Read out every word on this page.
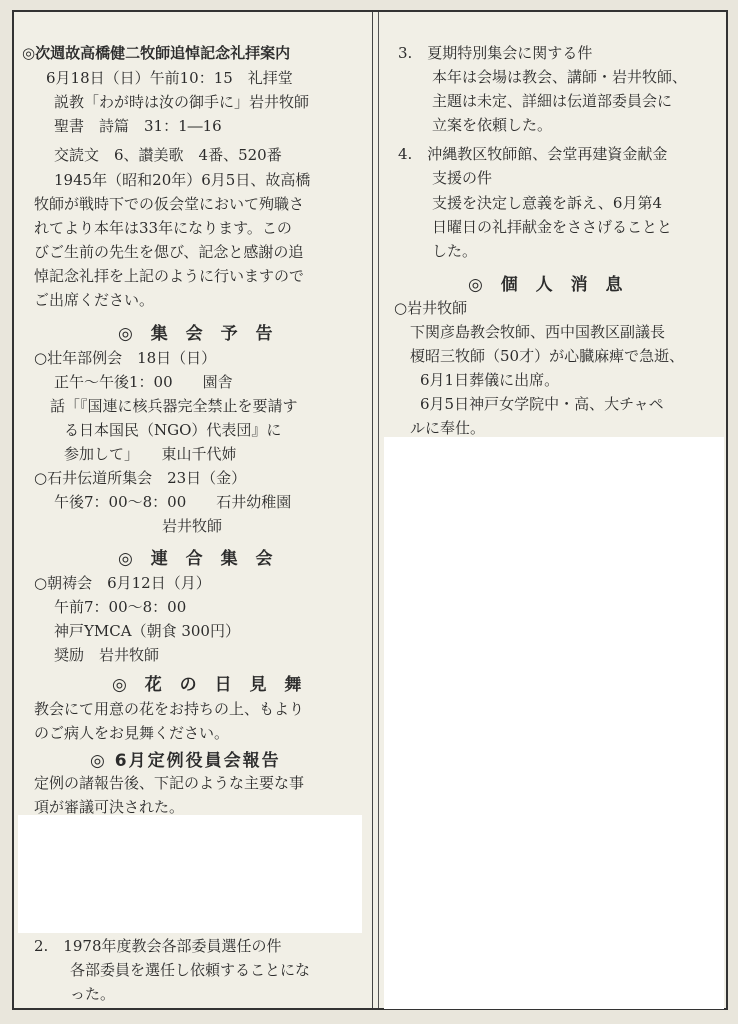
◎次週故高橋健二牧師追悼記念礼拝案内
6月18日（日）午前10：15　礼拝堂
説教「わが時は汝の御手に」岩井牧師
聖書　詩篇　31：1―16
交読文　6、讃美歌　4番、520番
1945年（昭和20年）6月5日、故高橋
牧師が戦時下での仮会堂において殉職さ
れてより本年は33年になります。この
びご生前の先生を偲び、記念と感謝の追
悼記念礼拝を上記のように行いますので
ご出席ください。
◎ 集 会 予 告
○壮年部例会　18日（日）
正午～午後1：00　　園舎
話「『国連に核兵器完全禁止を要請す
る日本国民（NGO）代表団』に
参加して」　　東山千代姉
○石井伝道所集会　23日（金）
午後7：00～8：00　　石井幼稚園
岩井牧師
◎ 連 合 集 会
○朝祷会　6月12日（月）
午前7：00～8：00
神戸YMCA（朝食 300円）
奨励　岩井牧師
◎ 花 の 日 見 舞
教会にて用意の花をお持ちの上、もより
のご病人をお見舞ください。
◎ 6月定例役員会報告
定例の諸報告後、下記のような主要な事
項が審議可決された。
2.　1978年度教会各部委員選任の件
各部委員を選任し依頼することにな
った。
3.　夏期特別集会に関する件
本年は会場は教会、講師・岩井牧師、
主題は未定、詳細は伝道部委員会に
立案を依頼した。
4.　沖縄教区牧師館、会堂再建資金献金
支援の件
支援を決定し意義を訴え、6月第4
日曜日の礼拝献金をささげることと
した。
◎ 個 人 消 息
○岩井牧師
下関彦島教会牧師、西中国教区副議長
榎昭三牧師（50才）が心臓麻痺で急逝、
6月1日葬儀に出席。
6月5日神戸女学院中・高、大チャペ
ルに奉仕。
